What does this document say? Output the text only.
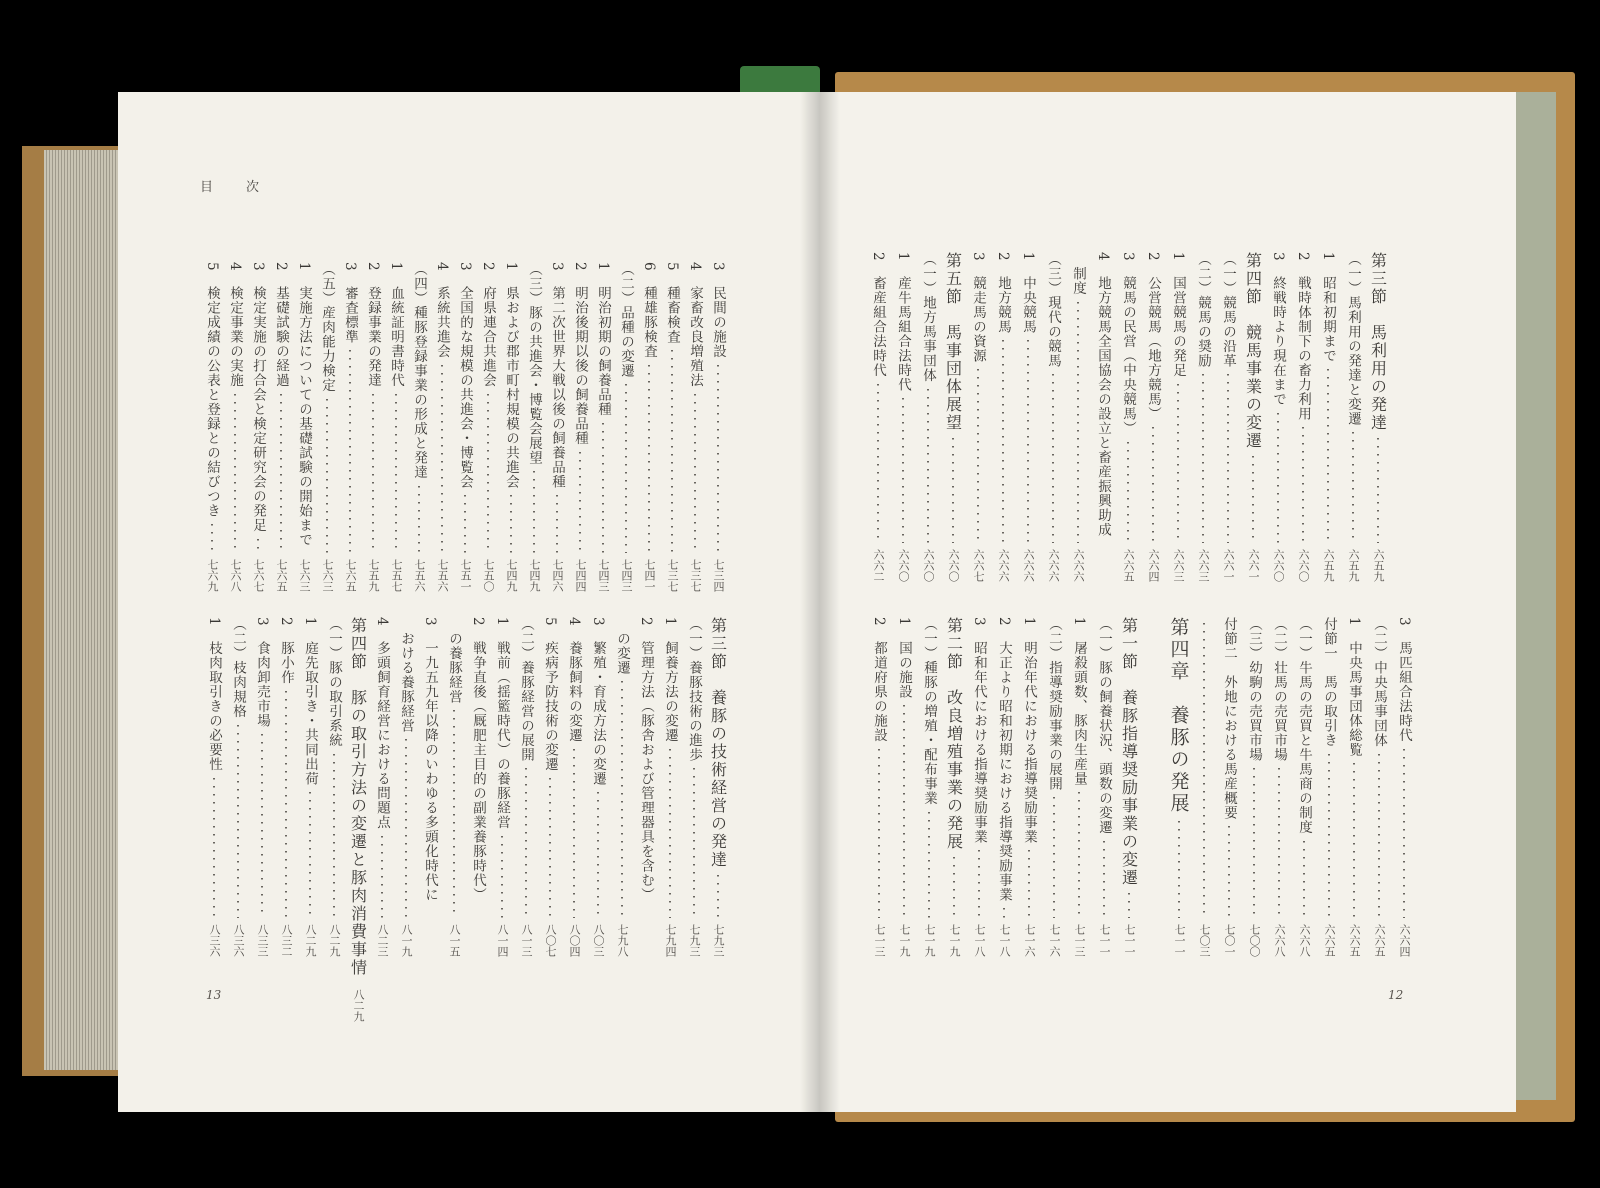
目　次
3　民間の施設
七三四
4　家畜改良増殖法
七三七
5　種畜検査
七三七
6　種雄豚検査
七四一
（二）品種の変遷
七四三
1　明治初期の飼養品種
七四三
2　明治後期以後の飼養品種
七四四
3　第二次世界大戦以後の飼養品種
七四六
（三）豚の共進会・博覧会展望
七四九
1　県および郡市町村規模の共進会
七四九
2　府県連合共進会
七五〇
3　全国的な規模の共進会・博覧会
七五一
4　系統共進会
七五六
（四）種豚登録事業の形成と発達
七五六
1　血統証明書時代
七五七
2　登録事業の発達
七五九
3　審査標準
七六五
（五）産肉能力検定
七六三
1　実施方法についての基礎試験の開始まで
七六三
2　基礎試験の経過
七六五
3　検定実施の打合会と検定研究会の発足
七六七
4　検定事業の実施
七六八
5　検定成績の公表と登録との結びつき
七六九
第三節　養豚の技術経営の発達
七九三
（一）養豚技術の進歩
七九三
1　飼養方法の変遷
七九四
2　管理方法（豚舎および管理器具を含む）
　の変遷
七九八
3　繁殖・育成方法の変遷
八〇三
4　養豚飼料の変遷
八〇四
5　疾病予防技術の変遷
八〇七
（二）養豚経営の展開
八一三
1　戦前（揺籃時代）の養豚経営
八一四
2　戦争直後（厩肥主目的の副業養豚時代）
　の養豚経営
八一五
3　一九五九年以降のいわゆる多頭化時代に
　おける養豚経営
八一九
4　多頭飼育経営における問題点
八二三
第四節　豚の取引方法の変遷と豚肉消費事情
八二九
（一）豚の取引系統
八二九
1　庭先取引き・共同出荷
八二九
2　豚小作
八三二
3　食肉卸売市場
八三三
（二）枝肉規格
八三六
1　枝肉取引きの必要性
八三六
13
第三節　馬利用の発達
六五九
（一）馬利用の発達と変遷
六五九
1　昭和初期まで
六五九
2　戦時体制下の畜力利用
六六〇
3　終戦時より現在まで
六六〇
第四節　競馬事業の変遷
六六一
（一）競馬の沿革
六六一
（二）競馬の奨励
六六三
1　国営競馬の発足
六六三
2　公営競馬（地方競馬）
六六四
3　競馬の民営（中央競馬）
六六五
4　地方競馬全国協会の設立と畜産振興助成
　制度
六六六
（三）現代の競馬
六六六
1　中央競馬
六六六
2　地方競馬
六六六
3　競走馬の資源
六六七
第五節　馬事団体展望
六六〇
（一）地方馬事団体
六六〇
1　産牛馬組合法時代
六六〇
2　畜産組合法時代
六六二
3　馬匹組合法時代
六六四
（二）中央馬事団体
六六五
1　中央馬事団体総覧
六六五
付節一　馬の取引き
六六五
（一）牛馬の売買と牛馬商の制度
六六八
（二）壮馬の売買市場
六六八
（三）幼駒の売買市場
七〇〇
付節二　外地における馬産概要
七〇一
七〇三
第四章　養豚の発展
七一一
第一節　養豚指導奨励事業の変遷
七一一
（一）豚の飼養状況、頭数の変遷
七一一
1　屠殺頭数、豚肉生産量
七一三
（二）指導奨励事業の展開
七一六
1　明治年代における指導奨励事業
七一六
2　大正より昭和初期における指導奨励事業
七一八
3　昭和年代における指導奨励事業
七一八
第二節　改良増殖事業の発展
七一九
（一）種豚の増殖・配布事業
七一九
1　国の施設
七一九
2　都道府県の施設
七一三
12
